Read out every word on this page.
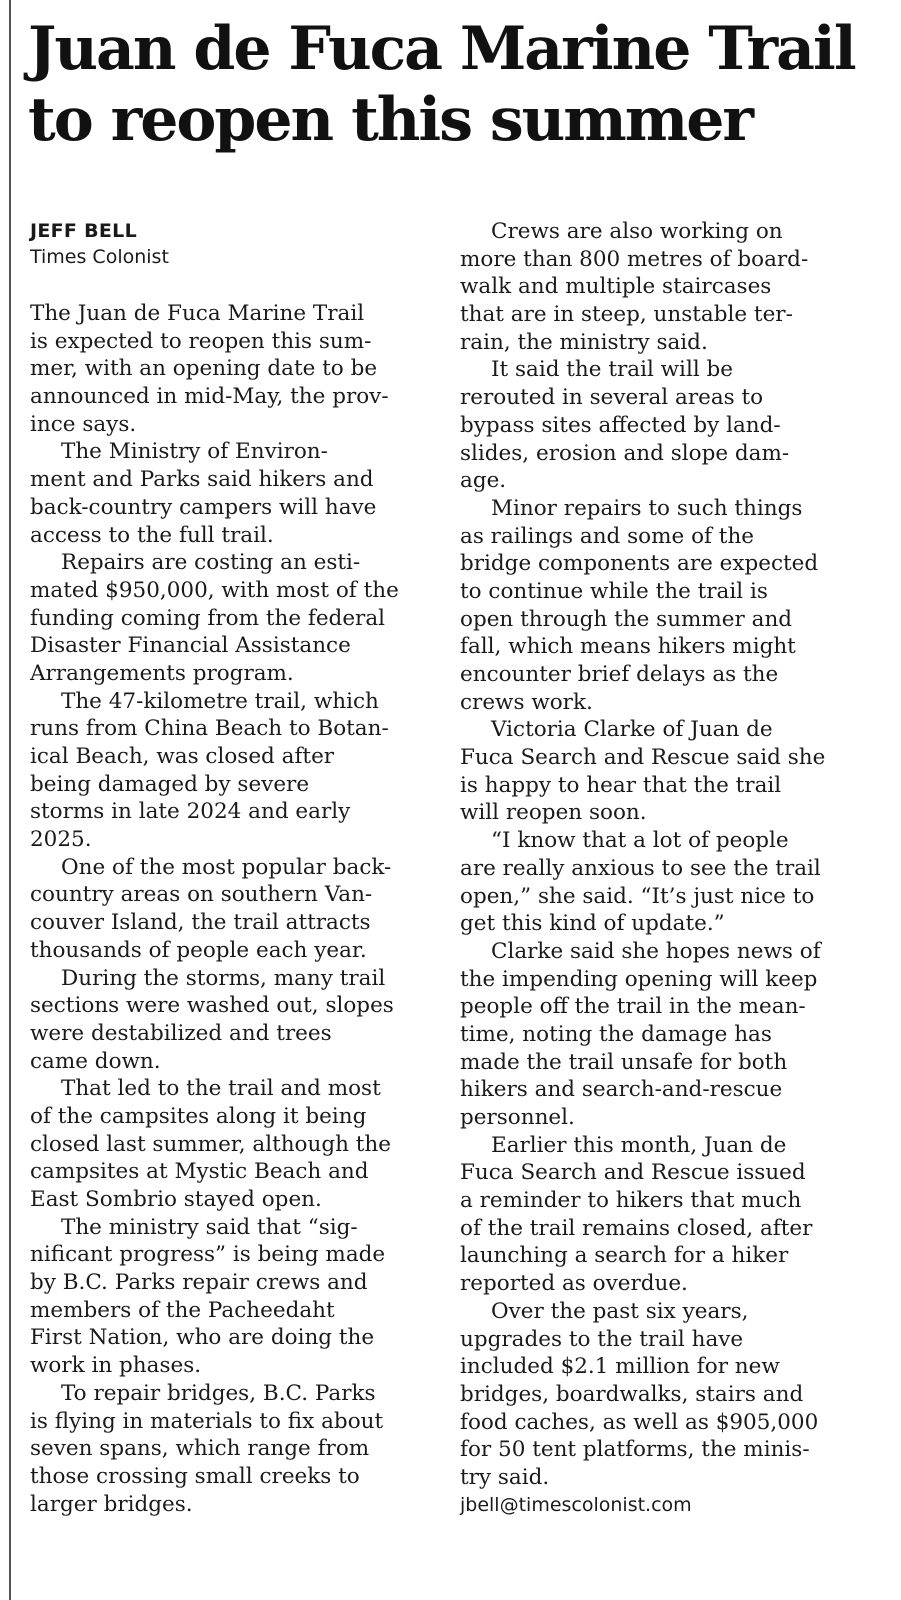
Juan de Fuca Marine Trail
to reopen this summer
JEFF BELL
Times Colonist
The Juan de Fuca Marine Trail
is expected to reopen this sum-
mer, with an opening date to be
announced in mid-May, the prov-
ince says.
The Ministry of Environ-
ment and Parks said hikers and
back-country campers will have
access to the full trail.
Repairs are costing an esti-
mated $950,000, with most of the
funding coming from the federal
Disaster Financial Assistance
Arrangements program.
The 47-kilometre trail, which
runs from China Beach to Botan-
ical Beach, was closed after
being damaged by severe
storms in late 2024 and early
2025.
One of the most popular back-
country areas on southern Van-
couver Island, the trail attracts
thousands of people each year.
During the storms, many trail
sections were washed out, slopes
were destabilized and trees
came down.
That led to the trail and most
of the campsites along it being
closed last summer, although the
campsites at Mystic Beach and
East Sombrio stayed open.
The ministry said that “sig-
nificant progress” is being made
by B.C. Parks repair crews and
members of the Pacheedaht
First Nation, who are doing the
work in phases.
To repair bridges, B.C. Parks
is flying in materials to fix about
seven spans, which range from
those crossing small creeks to
larger bridges.
Crews are also working on
more than 800 metres of board-
walk and multiple staircases
that are in steep, unstable ter-
rain, the ministry said.
It said the trail will be
rerouted in several areas to
bypass sites affected by land-
slides, erosion and slope dam-
age.
Minor repairs to such things
as railings and some of the
bridge components are expected
to continue while the trail is
open through the summer and
fall, which means hikers might
encounter brief delays as the
crews work.
Victoria Clarke of Juan de
Fuca Search and Rescue said she
is happy to hear that the trail
will reopen soon.
“I know that a lot of people
are really anxious to see the trail
open,” she said. “It’s just nice to
get this kind of update.”
Clarke said she hopes news of
the impending opening will keep
people off the trail in the mean-
time, noting the damage has
made the trail unsafe for both
hikers and search-and-rescue
personnel.
Earlier this month, Juan de
Fuca Search and Rescue issued
a reminder to hikers that much
of the trail remains closed, after
launching a search for a hiker
reported as overdue.
Over the past six years,
upgrades to the trail have
included $2.1 million for new
bridges, boardwalks, stairs and
food caches, as well as $905,000
for 50 tent platforms, the minis-
try said.
jbell@timescolonist.com
